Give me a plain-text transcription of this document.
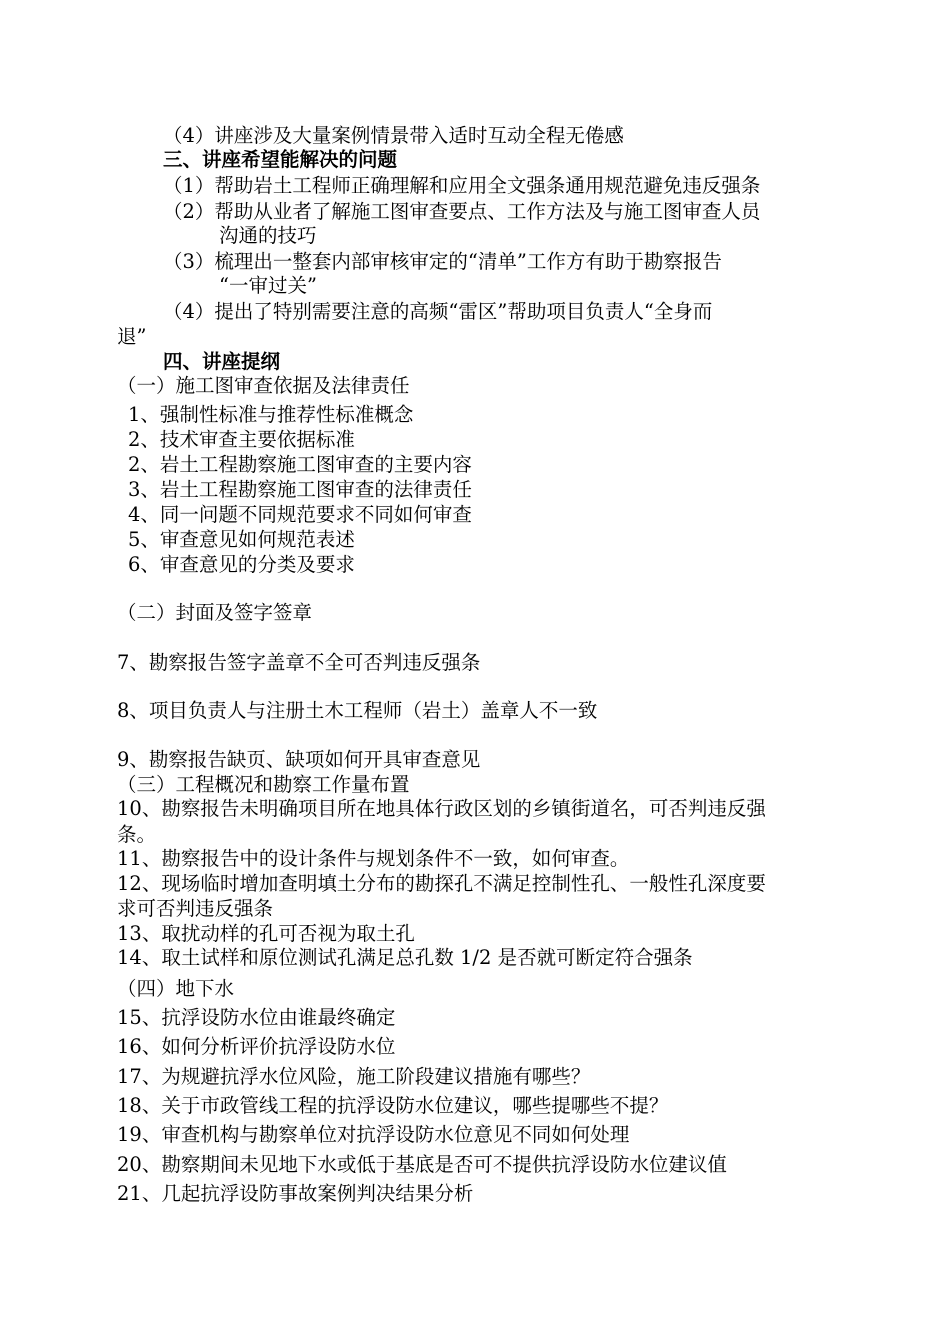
（4）讲座涉及大量案例情景带入适时互动全程无倦感
三、讲座希望能解决的问题
（1）帮助岩土工程师正确理解和应用全文强条通用规范避免违反强条
（2）帮助从业者了解施工图审查要点、工作方法及与施工图审查人员
沟通的技巧
（3）梳理出一整套内部审核审定的“清单”工作方有助于勘察报告
“一审过关”
（4）提出了特别需要注意的高频“雷区”帮助项目负责人“全身而
退”
四、讲座提纲
（一）施工图审查依据及法律责任
1、强制性标准与推荐性标准概念
2、技术审查主要依据标准
2、岩土工程勘察施工图审查的主要内容
3、岩土工程勘察施工图审查的法律责任
4、同一问题不同规范要求不同如何审查
5、审查意见如何规范表述
6、审查意见的分类及要求
（二）封面及签字签章
7、勘察报告签字盖章不全可否判违反强条
8、项目负责人与注册土木工程师（岩土）盖章人不一致
9、勘察报告缺页、缺项如何开具审查意见
（三）工程概况和勘察工作量布置
10、勘察报告未明确项目所在地具体行政区划的乡镇街道名，可否判违反强
条。
11、勘察报告中的设计条件与规划条件不一致，如何审查。
12、现场临时增加查明填土分布的勘探孔不满足控制性孔、一般性孔深度要
求可否判违反强条
13、取扰动样的孔可否视为取土孔
14、取土试样和原位测试孔满足总孔数 1/2 是否就可断定符合强条
（四）地下水
15、抗浮设防水位由谁最终确定
16、如何分析评价抗浮设防水位
17、为规避抗浮水位风险，施工阶段建议措施有哪些？
18、关于市政管线工程的抗浮设防水位建议，哪些提哪些不提？
19、审查机构与勘察单位对抗浮设防水位意见不同如何处理
20、勘察期间未见地下水或低于基底是否可不提供抗浮设防水位建议值
21、几起抗浮设防事故案例判决结果分析
